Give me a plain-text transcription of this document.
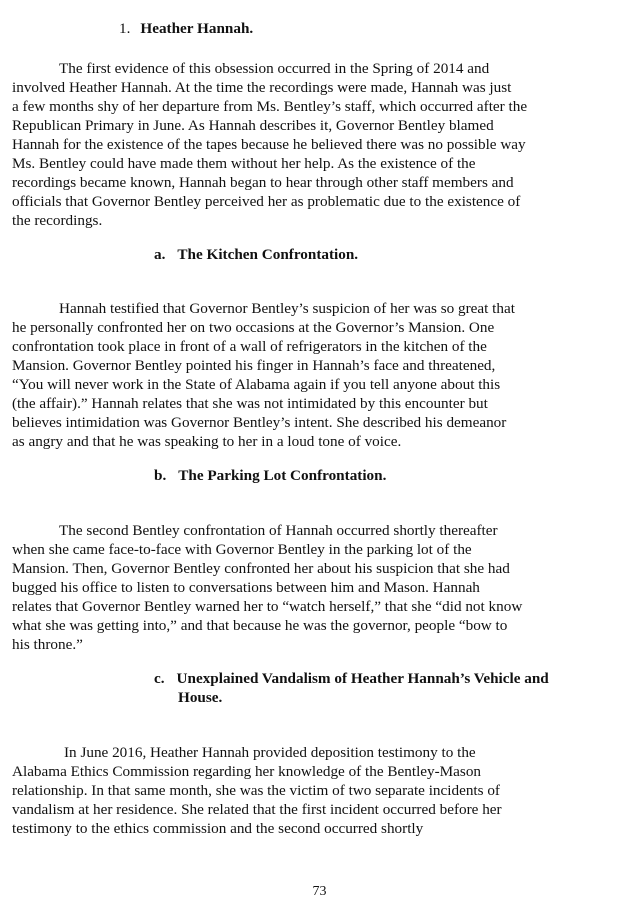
1. Heather Hannah.
The first evidence of this obsession occurred in the Spring of 2014 and
involved Heather Hannah. At the time the recordings were made, Hannah was just
a few months shy of her departure from Ms. Bentley’s staff, which occurred after the
Republican Primary in June. As Hannah describes it, Governor Bentley blamed
Hannah for the existence of the tapes because he believed there was no possible way
Ms. Bentley could have made them without her help. As the existence of the
recordings became known, Hannah began to hear through other staff members and
officials that Governor Bentley perceived her as problematic due to the existence of
the recordings.
a. The Kitchen Confrontation.
Hannah testified that Governor Bentley’s suspicion of her was so great that
he personally confronted her on two occasions at the Governor’s Mansion. One
confrontation took place in front of a wall of refrigerators in the kitchen of the
Mansion. Governor Bentley pointed his finger in Hannah’s face and threatened,
“You will never work in the State of Alabama again if you tell anyone about this
(the affair).” Hannah relates that she was not intimidated by this encounter but
believes intimidation was Governor Bentley’s intent. She described his demeanor
as angry and that he was speaking to her in a loud tone of voice.
b. The Parking Lot Confrontation.
The second Bentley confrontation of Hannah occurred shortly thereafter
when she came face-to-face with Governor Bentley in the parking lot of the
Mansion. Then, Governor Bentley confronted her about his suspicion that she had
bugged his office to listen to conversations between him and Mason. Hannah
relates that Governor Bentley warned her to “watch herself,” that she “did not know
what she was getting into,” and that because he was the governor, people “bow to
his throne.”
c. Unexplained Vandalism of Heather Hannah’s Vehicle and
House.
In June 2016, Heather Hannah provided deposition testimony to the
Alabama Ethics Commission regarding her knowledge of the Bentley-Mason
relationship. In that same month, she was the victim of two separate incidents of
vandalism at her residence. She related that the first incident occurred before her
testimony to the ethics commission and the second occurred shortly
73
